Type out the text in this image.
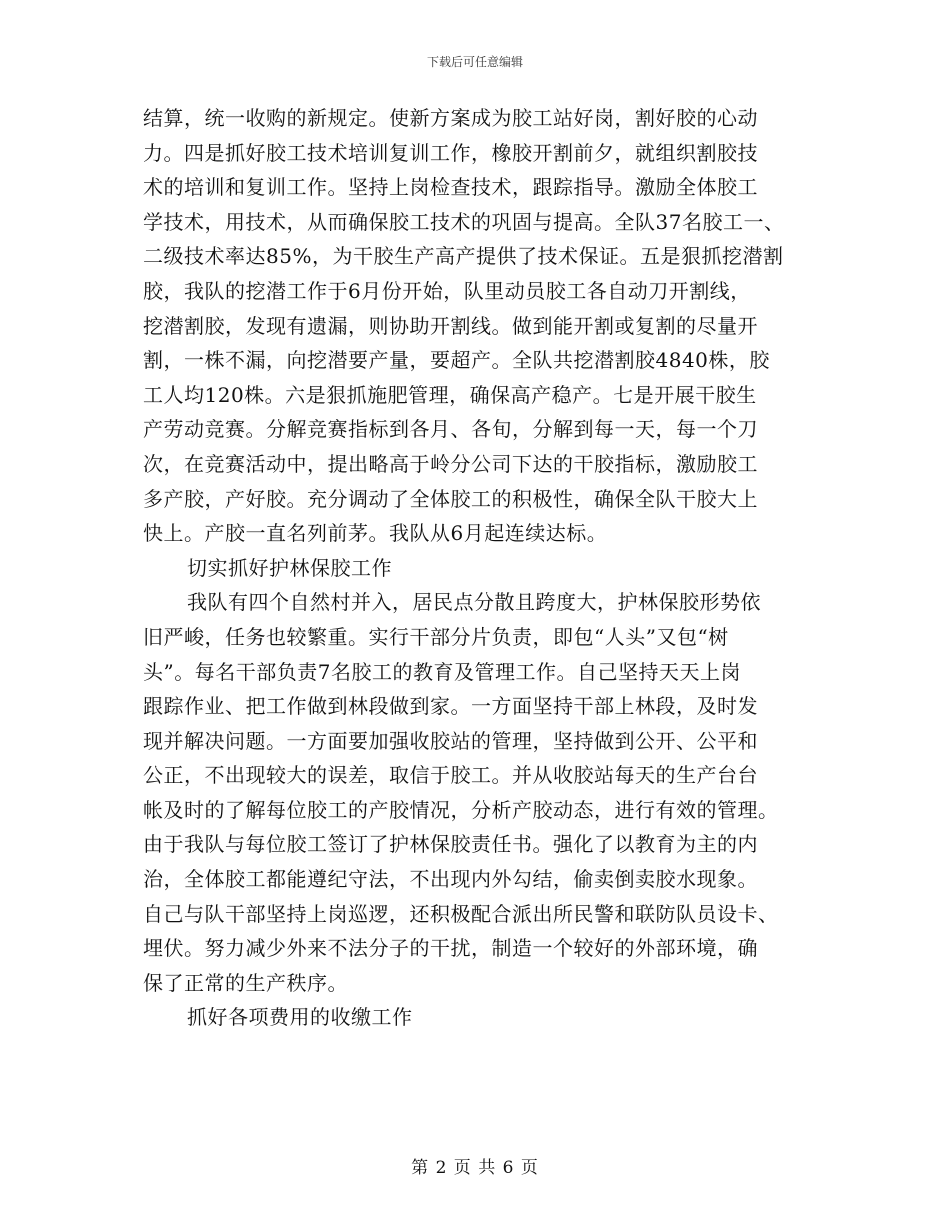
下载后可任意编辑
结算，统一收购的新规定。使新方案成为胶工站好岗，割好胶的心动
力。四是抓好胶工技术培训复训工作，橡胶开割前夕，就组织割胶技
术的培训和复训工作。坚持上岗检查技术，跟踪指导。激励全体胶工
学技术，用技术，从而确保胶工技术的巩固与提高。全队37名胶工一、
二级技术率达85%，为干胶生产高产提供了技术保证。五是狠抓挖潜割
胶，我队的挖潜工作于6月份开始，队里动员胶工各自动刀开割线，
挖潜割胶，发现有遗漏，则协助开割线。做到能开割或复割的尽量开
割，一株不漏，向挖潜要产量，要超产。全队共挖潜割胶4840株，胶
工人均120株。六是狠抓施肥管理，确保高产稳产。七是开展干胶生
产劳动竞赛。分解竞赛指标到各月、各旬，分解到每一天，每一个刀
次，在竞赛活动中，提出略高于岭分公司下达的干胶指标，激励胶工
多产胶，产好胶。充分调动了全体胶工的积极性，确保全队干胶大上
快上。产胶一直名列前茅。我队从6月起连续达标。
切实抓好护林保胶工作
我队有四个自然村并入，居民点分散且跨度大，护林保胶形势依
旧严峻，任务也较繁重。实行干部分片负责，即包“人头”又包“树
头”。每名干部负责7名胶工的教育及管理工作。自己坚持天天上岗
跟踪作业、把工作做到林段做到家。一方面坚持干部上林段，及时发
现并解决问题。一方面要加强收胶站的管理，坚持做到公开、公平和
公正，不出现较大的误差，取信于胶工。并从收胶站每天的生产台台
帐及时的了解每位胶工的产胶情况，分析产胶动态，进行有效的管理。
由于我队与每位胶工签订了护林保胶责任书。强化了以教育为主的内
治，全体胶工都能遵纪守法，不出现内外勾结，偷卖倒卖胶水现象。
自己与队干部坚持上岗巡逻，还积极配合派出所民警和联防队员设卡、
埋伏。努力减少外来不法分子的干扰，制造一个较好的外部环境，确
保了正常的生产秩序。
抓好各项费用的收缴工作
第 2 页 共 6 页
